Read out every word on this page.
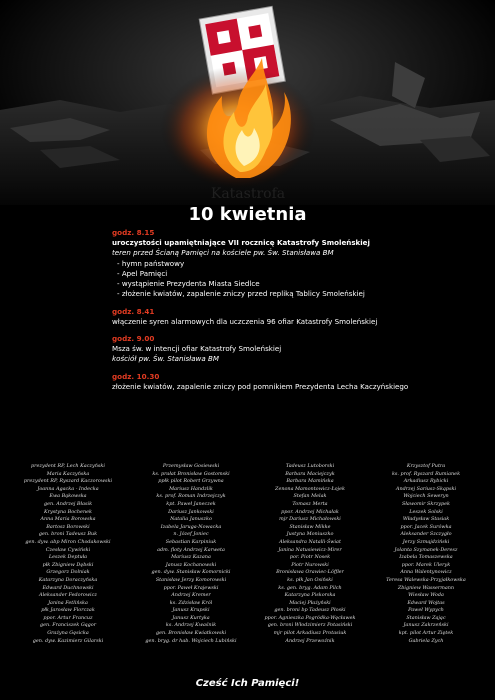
Katastrofa
10 kwietnia
godz. 8.15
uroczystości upamiętniające VII rocznicę Katastrofy Smoleńskiej
teren przed Ścianą Pamięci na kościele pw. Św. Stanisława BM
- hymn państwowy
- Apel Pamięci
- wystąpienie Prezydenta Miasta Siedlce
- złożenie kwiatów, zapalenie zniczy przed repliką Tablicy Smoleńskiej
godz. 8.41
włączenie syren alarmowych dla uczczenia 96 ofiar Katastrofy Smoleńskiej
godz. 9.00
Msza św. w intencji ofiar Katastrofy Smoleńskiej
kościół pw. Św. Stanisława BM
godz. 10.30
złożenie kwiatów, zapalenie zniczy pod pomnikiem Prezydenta Lecha Kaczyńskiego
prezydent RP, Lech Kaczyński
Maria Kaczyńska
prezydent RP, Ryszard Kaczorowski
Joanna Agacka - Indecka
Ewa Bąkowska
gen. Andrzej Błasik
Krystyna Bochenek
Anna Maria Borowska
Bartosz Borowski
gen. broni Tadeusz Buk
gen. dyw. abp Miron Chodakowski
Czesław Cywiński
Leszek Deptuła
płk Zbigniew Dębski
Grzegorz Dolniak
Katarzyna Doraczyńska
Edward Duchnowski
Aleksander Fedorowicz
Janina Fetlińska
płk Jarosław Florczak
ppor. Artur Francuz
gen. Franciszek Gągor
Grażyna Gęsicka
gen. dyw. Kazimierz Gilarski
Przemysław Gosiewski
ks. prałat Bronisław Gostomski
ppłk pilot Robert Grzywna
Mariusz Handzlik
ks. prof. Roman Indrzejczyk
kpt. Paweł Janeczek
Dariusz Jankowski
Natalia Januszko
Izabela Jaruga-Nowacka
n. Józef Joniec
Sebastian Karpiniuk
adm. floty Andrzej Karweta
Mariusz Kazana
Janusz Kochanowski
gen. dyw. Stanisław Komornicki
Stanisław Jerzy Komorowski
ppor. Paweł Krajewski
Andrzej Kremer
ks. Zdzisław Król
Janusz Krupski
Janusz Kurtyka
ks. Andrzej Kwaśnik
gen. Bronisław Kwiatkowski
gen. bryg. dr hab. Wojciech Lubiński
Tadeusz Lutoborski
Barbara Maciejczyk
Barbara Mamińska
Zenona Mamontowicz-Łojek
Stefan Melak
Tomasz Merta
ppor. Andrzej Michałak
mjr Dariusz Michałowski
Stanisław Mikke
Justyna Moniuszko
Aleksandra Natalli-Świat
Janina Natusiewicz-Mirer
por. Piotr Nosek
Piotr Nurowski
Bronisława Orawiec-Löffler
ks. płk Jan Osiński
ks. gen. bryg. Adam Pilch
Katarzyna Piskorska
Maciej Płażyński
gen. broni bp Tadeusz Płoski
ppor. Agnieszka Pogródka-Węcławek
gen. broni Włodzimierz Potasiński
mjr pilot Arkadiusz Protasiuk
Andrzej Przewoźnik
Krzysztof Putra
ks. prof. Ryszard Rumianek
Arkadiusz Rybicki
Andrzej Sariusz-Skąpski
Wojciech Seweryn
Sławomir Skrzypek
Leszek Solski
Władysław Stasiak
ppor. Jacek Surówka
Aleksander Szczygło
Jerzy Szmajdziński
Jolanta Szymanek-Deresz
Izabela Tomaszewska
ppor. Marek Uleryk
Anna Walentynowicz
Teresa Walewska-Przyjałkowska
Zbigniew Wassermann
Wiesław Woda
Edward Wojtas
Paweł Wypych
Stanisław Zając
Janusz Zakrzeński
kpt. pilot Artur Ziętek
Gabriela Zych
Cześć Ich Pamięci!
